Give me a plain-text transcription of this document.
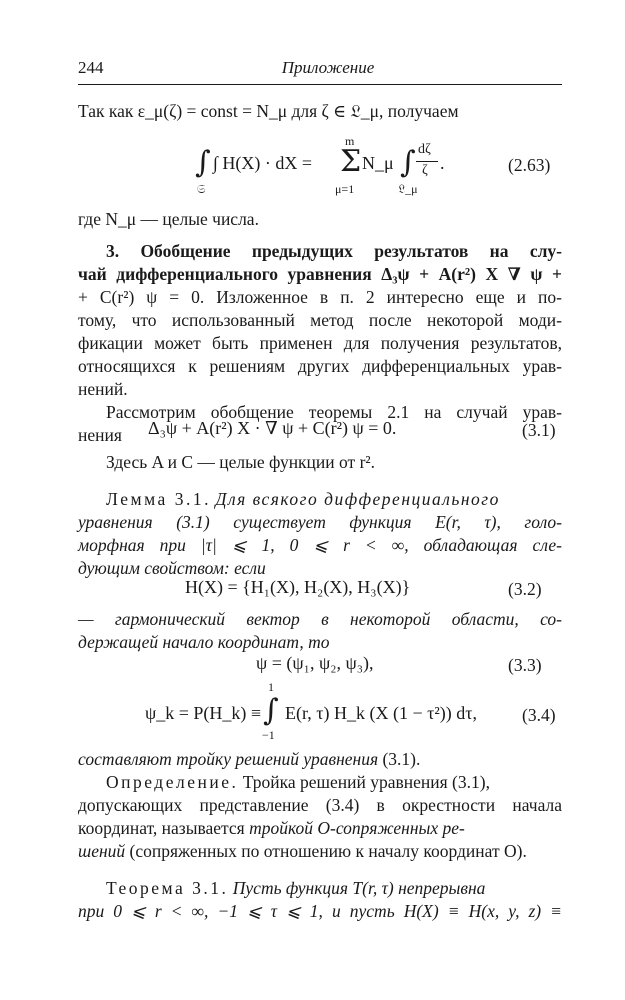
244	Приложение
Так как ε_μ(ζ) = const = N_μ для ζ ∈ 𝔏_μ, получаем
∫
𝔖
∫ H(X) · dX =
m
Σ
μ=1
N_μ ∫
𝔏_μ
dζ
ζ .	(2.63)
где N_μ — целые числа.
3. Обобщение предыдущих результатов на слу-
чай дифференциального уравнения Δ₃ψ + A(r²) X ∇ ψ +
+ C(r²) ψ = 0. Изложенное в п. 2 интересно еще и по-
тому, что использованный метод после некоторой моди-
фикации может быть применен для получения результатов,
относящихся к решениям других дифференциальных урав-
нений.
Рассмотрим обобщение теоремы 2.1 на случай урав-
нения	Δ₃ψ + A(r²) X · ∇ ψ + C(r²) ψ = 0.	(3.1)
Здесь A и C — целые функции от r².
Лемма 3.1. Для всякого дифференциального
уравнения (3.1) существует функция E(r, τ), голо-
морфная при |τ| ⩽ 1, 0 ⩽ r < ∞, обладающая сле-
дующим свойством: если
H(X) = {H₁(X), H₂(X), H₃(X)}	(3.2)
— гармонический вектор в некоторой области, со-
держащей начало координат, то
ψ = (ψ₁, ψ₂, ψ₃),	(3.3)
ψ_k = P(H_k) ≡
1
∫
−1
E(r, τ) H_k (X (1 − τ²)) dτ,	(3.4)
составляют тройку решений уравнения (3.1).
Определение. Тройка решений уравнения (3.1),
допускающих представление (3.4) в окрестности начала
координат, называется тройкой O-сопряженных ре-
шений (сопряженных по отношению к началу координат O).
Теорема 3.1. Пусть функция T(r, τ) непрерывна
при 0 ⩽ r < ∞, −1 ⩽ τ ⩽ 1, и пусть H(X) ≡ H(x, y, z) ≡
